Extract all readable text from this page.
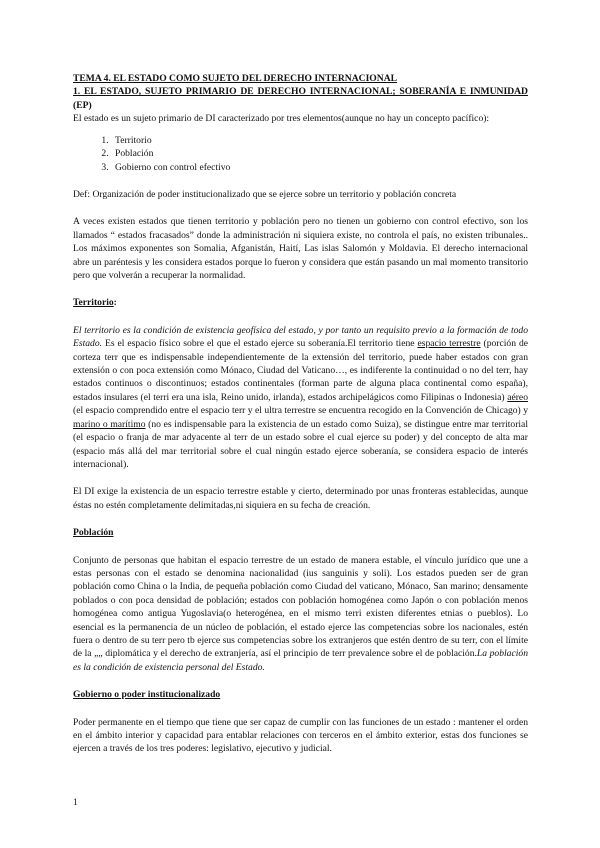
TEMA 4. EL ESTADO COMO SUJETO DEL DERECHO INTERNACIONAL

1. EL ESTADO, SUJETO PRIMARIO DE DERECHO INTERNACIONAL; SOBERANÍA E INMUNIDAD (EP)

El estado es un sujeto primario de DI caracterizado por tres elementos(aunque no hay un concepto pacífico):

1. Territorio
2. Población
3. Gobierno con control efectivo

Def: Organización de poder institucionalizado que se ejerce sobre un territorio y población concreta

A veces existen estados que tienen territorio y población pero no tienen un gobierno con control efectivo, son los llamados “ estados fracasados” donde la administración ni siquiera existe, no controla el país, no existen tribunales.. Los máximos exponentes son Somalia, Afganistán, Haití, Las islas Salomón y Moldavia. El derecho internacional abre un paréntesis y les considera estados porque lo fueron y considera que están pasando un mal momento transitorio pero que volverán a recuperar la normalidad.

Territorio:

El territorio es la condición de existencia geofísica del estado, y por tanto un requisito previo a la formación de todo Estado. Es el espacio físico sobre el que el estado ejerce su soberanía.El territorio tiene espacio terrestre (porción de corteza terr que es indispensable independientemente de la extensión del territorio, puede haber estados con gran extensión o con poca extensión como Mónaco, Ciudad del Vaticano…, es indiferente la continuidad o no del terr, hay estados continuos o discontinuos; estados continentales (forman parte de alguna placa continental como españa), estados insulares (el terri era una isla, Reino unido, irlanda), estados archipelágicos como Filipinas o Indonesia) aéreo (el espacio comprendido entre el espacio terr y el ultra terrestre se encuentra recogido en la Convención de Chicago) y marino o marítimo (no es indispensable para la existencia de un estado como Suiza), se distingue entre mar territorial (el espacio o franja de mar adyacente al terr de un estado sobre el cual ejerce su poder) y del concepto de alta mar (espacio más allá del mar territorial sobre el cual ningún estado ejerce soberanía, se considera espacio de interés internacional).

El DI exige la existencia de un espacio terrestre estable y cierto, determinado por unas fronteras establecidas, aunque éstas no estén completamente delimitadas,ni siquiera en su fecha de creación.

Población

Conjunto de personas que habitan el espacio terrestre de un estado de manera estable, el vínculo jurídico que une a estas personas con el estado se denomina nacionalidad (ius sanguinis y soli). Los estados pueden ser de gran población como China o la India, de pequeña población como Ciudad del vaticano, Mónaco, San marino; densamente poblados o con poca densidad de población; estados con población homogénea como Japón o con población menos homogénea como antigua Yugoslavia(o heterogénea, en el mismo terri existen diferentes etnias o pueblos). Lo esencial es la permanencia de un núcleo de población, el estado ejerce las competencias sobre los nacionales, estén fuera o dentro de su terr pero tb ejerce sus competencias sobre los extranjeros que estén dentro de su terr, con el límite de la „„ diplomática y el derecho de extranjería, así el principio de terr prevalence sobre el de población.La población es la condición de existencia personal del Estado.

Gobierno o poder institucionalizado

Poder permanente en el tiempo que tiene que ser capaz de cumplir con las funciones de un estado : mantener el orden en el ámbito interior y capacidad para entablar relaciones con terceros en el ámbito exterior, estas dos funciones se ejercen a través de los tres poderes: legislativo, ejecutivo y judicial.

1
